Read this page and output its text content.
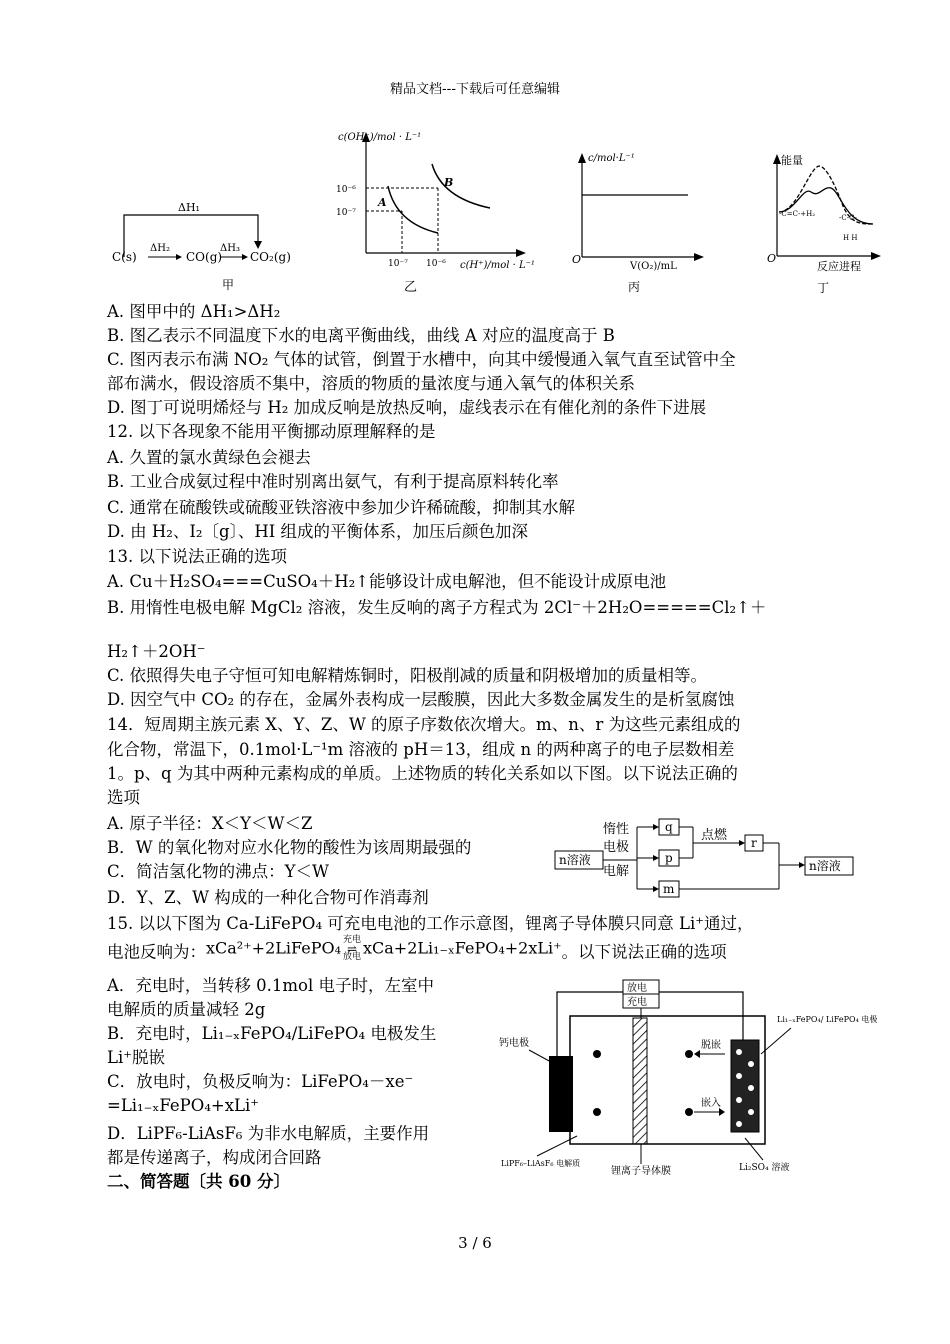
精品文档---下载后可任意编辑
ΔH₁
C(s)
ΔH₂
CO(g)
ΔH₃
CO₂(g)
甲
c(OH⁻)/mol · L⁻¹
10⁻⁶
10⁻⁷
A
B
10⁻⁷ 10⁻⁶ c(H⁺)/mol · L⁻¹
乙
c/mol·L⁻¹
O
V(O₂)/mL
丙
能量
-C=C-+H₂	-C-C-
H H
O
反应进程
丁
A. 图甲中的 ΔH₁>ΔH₂
B. 图乙表示不同温度下水的电离平衡曲线，曲线 A 对应的温度高于 B
C. 图丙表示布满 NO₂ 气体的试管，倒置于水槽中，向其中缓慢通入氧气直至试管中全
部布满水，假设溶质不集中，溶质的物质的量浓度与通入氧气的体积关系
D. 图丁可说明烯烃与 H₂ 加成反响是放热反响，虚线表示在有催化剂的条件下进展
12. 以下各现象不能用平衡挪动原理解释的是
A. 久置的氯水黄绿色会褪去
B. 工业合成氨过程中准时别离出氨气，有利于提高原料转化率
C. 通常在硫酸铁或硫酸亚铁溶液中参加少许稀硫酸，抑制其水解
D. 由 H₂、I₂〔g〕、HI 组成的平衡体系，加压后颜色加深
13. 以下说法正确的选项
A. Cu＋H₂SO₄===CuSO₄＋H₂↑能够设计成电解池，但不能设计成原电池
B. 用惰性电极电解 MgCl₂ 溶液，发生反响的离子方程式为 2Cl⁻＋2H₂O=====Cl₂↑＋
H₂↑＋2OH⁻
C. 依照得失电子守恒可知电解精炼铜时，阳极削减的质量和阴极增加的质量相等。
D. 因空气中 CO₂ 的存在，金属外表构成一层酸膜，因此大多数金属发生的是析氢腐蚀
14．短周期主族元素 X、Y、Z、W 的原子序数依次增大。m、n、r 为这些元素组成的
化合物，常温下，0.1mol·L⁻¹m 溶液的 pH＝13，组成 n 的两种离子的电子层数相差
1。p、q 为其中两种元素构成的单质。上述物质的转化关系如以下图。以下说法正确的
选项
A. 原子半径：X＜Y＜W＜Z
B．W 的氧化物对应水化物的酸性为该周期最强的
C．简洁氢化物的沸点：Y＜W
D．Y、Z、W 构成的一种化合物可作消毒剂
15. 以以下图为 Ca-LiFePO₄ 可充电电池的工作示意图，锂离子导体膜只同意 Li⁺通过，
电池反响为：xCa²⁺+2LiFePO₄ 充电
⇌
放电 xCa+2Li₁₋ₓFePO₄+2xLi⁺。以下说法正确的选项
n溶液
惰性
电极
电解
q
p
m
点燃 r
n溶液
A．充电时，当转移 0.1mol 电子时，左室中
电解质的质量减轻 2g
B．充电时，Li₁₋ₓFePO₄/LiFePO₄ 电极发生
Li⁺脱嵌
C．放电时，负极反响为：LiFePO₄－xe⁻
=Li₁₋ₓFePO₄+xLi⁺
D．LiPF₆-LiAsF₆ 为非水电解质，主要作用
都是传递离子，构成闭合回路
二、简答题〔共 60 分〕
放电
充电
钙电极	脱嵌
嵌入
Li₁₋ₓFePO₄/ LiFePO₄ 电极
LiPF₆–LiAsF₆ 电解质
锂离子导体膜	Li₂SO₄ 溶液
3 / 6
